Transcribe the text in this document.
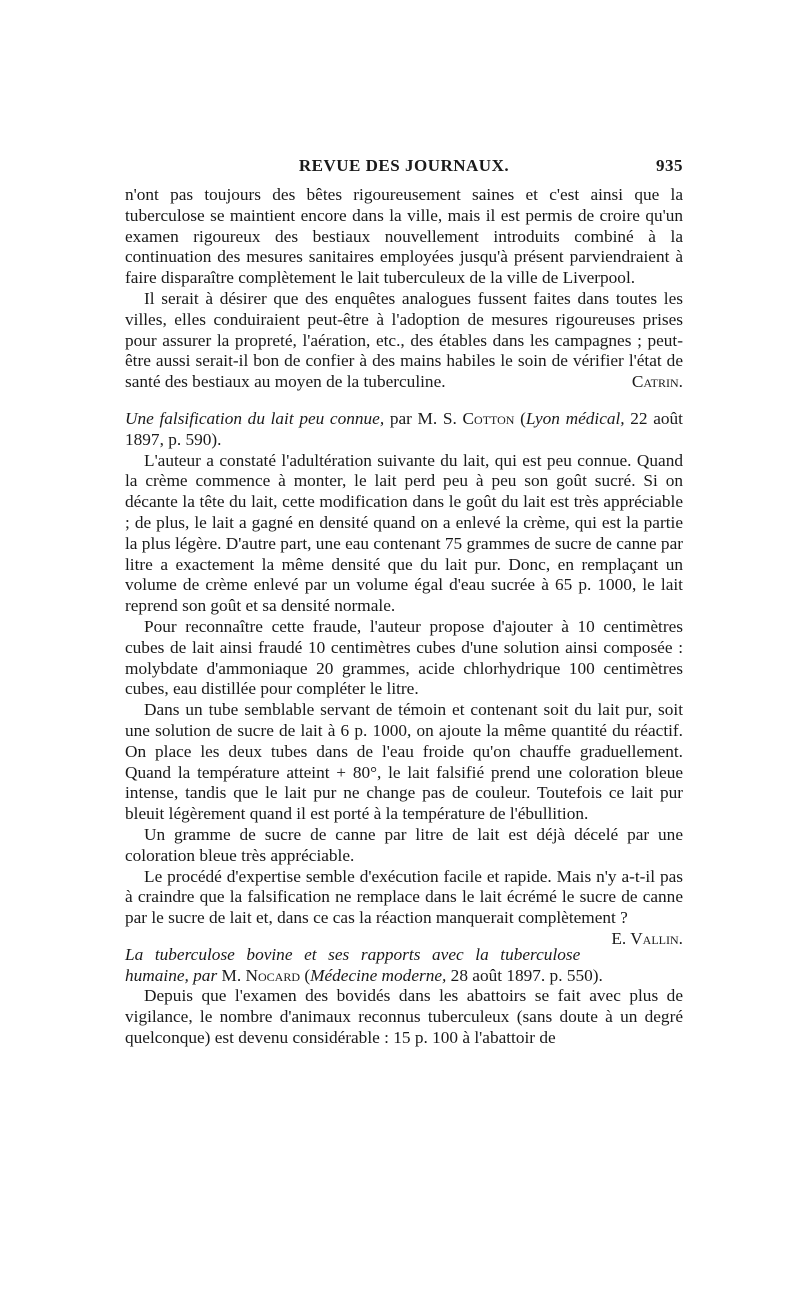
REVUE DES JOURNAUX.	935

n'ont pas toujours des bêtes rigoureusement saines et c'est ainsi que la tuberculose se maintient encore dans la ville, mais il est permis de croire qu'un examen rigoureux des bestiaux nouvellement introduits combiné à la continuation des mesures sanitaires employées jusqu'à présent parviendraient à faire disparaître complètement le lait tuberculeux de la ville de Liverpool.

Il serait à désirer que des enquêtes analogues fussent faites dans toutes les villes, elles conduiraient peut-être à l'adoption de mesures rigoureuses prises pour assurer la propreté, l'aération, etc., des étables dans les campagnes ; peut-être aussi serait-il bon de confier à des mains habiles le soin de vérifier l'état de santé des bestiaux au moyen de la tuberculine.	Catrin.

Une falsification du lait peu connue, par M. S. Cotton (Lyon médical, 22 août 1897, p. 590).

L'auteur a constaté l'adultération suivante du lait, qui est peu connue. Quand la crème commence à monter, le lait perd peu à peu son goût sucré. Si on décante la tête du lait, cette modification dans le goût du lait est très appréciable ; de plus, le lait a gagné en densité quand on a enlevé la crème, qui est la partie la plus légère. D'autre part, une eau contenant 75 grammes de sucre de canne par litre a exactement la même densité que du lait pur. Donc, en remplaçant un volume de crème enlevé par un volume égal d'eau sucrée à 65 p. 1000, le lait reprend son goût et sa densité normale.

Pour reconnaître cette fraude, l'auteur propose d'ajouter à 10 centimètres cubes de lait ainsi fraudé 10 centimètres cubes d'une solution ainsi composée : molybdate d'ammoniaque 20 grammes, acide chlorhydrique 100 centimètres cubes, eau distillée pour compléter le litre.

Dans un tube semblable servant de témoin et contenant soit du lait pur, soit une solution de sucre de lait à 6 p. 1000, on ajoute la même quantité du réactif. On place les deux tubes dans de l'eau froide qu'on chauffe graduellement. Quand la température atteint + 80°, le lait falsifié prend une coloration bleue intense, tandis que le lait pur ne change pas de couleur. Toutefois ce lait pur bleuit légèrement quand il est porté à la température de l'ébullition.

Un gramme de sucre de canne par litre de lait est déjà décelé par une coloration bleue très appréciable.

Le procédé d'expertise semble d'exécution facile et rapide. Mais n'y a-t-il pas à craindre que la falsification ne remplace dans le lait écrémé le sucre de canne par le sucre de lait et, dans ce cas la réaction manquerait complètement ?
E. Vallin.

La tuberculose bovine et ses rapports avec la tuberculose humaine, par M. Nocard (Médecine moderne, 28 août 1897. p. 550).

Depuis que l'examen des bovidés dans les abattoirs se fait avec plus de vigilance, le nombre d'animaux reconnus tuberculeux (sans doute à un degré quelconque) est devenu considérable : 15 p. 100 à l'abattoir de
